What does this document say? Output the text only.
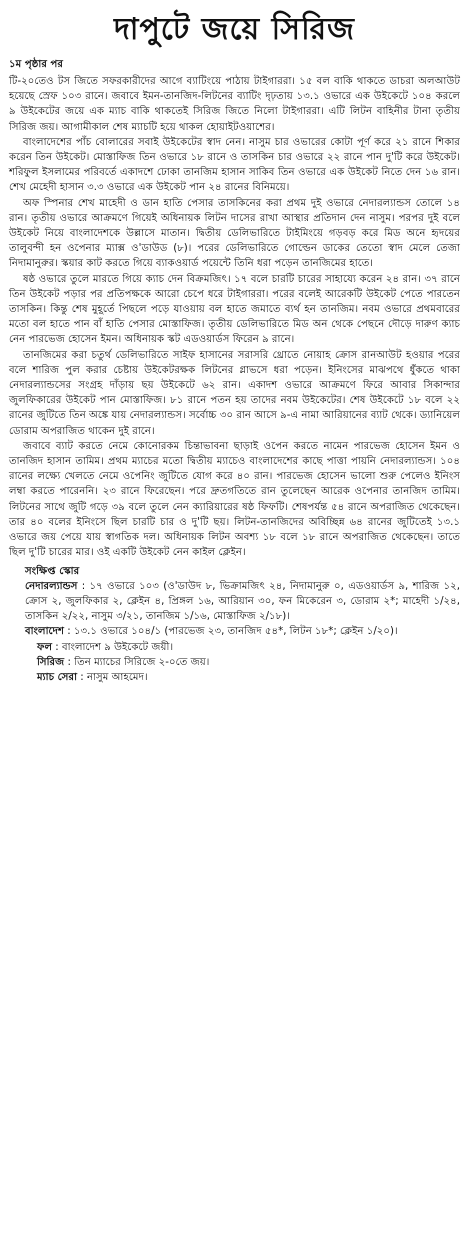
দাপুটে জয়ে সিরিজ
১ম পৃষ্ঠার পর

টি-২০তেও টস জিতে সফরকারীদের আগে ব্যাটিংয়ে পাঠায় টাইগাররা। ১৫ বল বাকি থাকতে ডাচরা অলআউট হয়েছে স্রেফ ১০৩ রানে। জবাবে ইমন-তানজিদ-লিটনের ব্যাটিং দৃঢ়তায় ১৩.১ ওভারে এক উইকেটে ১০৪ করলে ৯ উইকেটের জয়ে এক ম্যাচ বাকি থাকতেই সিরিজ জিতে নিলো টাইগাররা। এটি লিটন বাহিনীর টানা তৃতীয় সিরিজ জয়। আগামীকাল শেষ ম্যাচটি হয়ে থাকল হোয়াইটওয়াশের।

বাংলাদেশের পাঁচ বোলারের সবাই উইকেটের স্বাদ নেন। নাসুম চার ওভারের কোটা পূর্ণ করে ২১ রানে শিকার করেন তিন উইকেট। মোস্তাফিজ তিন ওভারে ১৮ রানে ও তাসকিন চার ওভারে ২২ রানে পান দু'টি করে উইকেট। শরিফুল ইসলামের পরিবর্তে একাদশে ঢোকা তানজিম হাসান সাকিব তিন ওভারে এক উইকেট নিতে দেন ১৬ রান। শেখ মেহেদী হাসান ৩.৩ ওভারে এক উইকেট পান ২৪ রানের বিনিময়ে।

অফ স্পিনার শেখ মাহেদী ও ডান হাতি পেসার তাসকিনের করা প্রথম দুই ওভারে নেদারল্যান্ডস তোলে ১৪ রান। তৃতীয় ওভারে আক্রমণে গিয়েই অধিনায়ক লিটন দাসের রাখা আস্থার প্রতিদান দেন নাসুম। পরপর দুই বলে উইকেট নিয়ে বাংলাদেশকে উল্লাসে মাতান। দ্বিতীয় ডেলিভারিতে টাইমিংয়ে গড়বড় করে মিড অনে হৃদয়ের তালুবন্দী হন ওপেনার ম্যাক্স ও'ডাউড (৮)। পরের ডেলিভারিতে গোল্ডেন ডাকের তেতো স্বাদ মেলে তেজা নিদামানুরুর। স্কয়ার কাট করতে গিয়ে ব্যাকওয়ার্ড পয়েন্টে তিনি ধরা পড়েন তানজিমের হাতে।

ষষ্ঠ ওভারে তুলে মারতে গিয়ে ক্যাচ দেন বিক্রমজিৎ। ১৭ বলে চারটি চারের সাহায্যে করেন ২৪ রান। ৩৭ রানে তিন উইকেট পড়ার পর প্রতিপক্ষকে আরো চেপে ধরে টাইগাররা। পরের বলেই আরেকটি উইকেট পেতে পারতেন তাসকিন। কিন্তু শেষ মুহূর্তে পিছলে পড়ে যাওয়ায় বল হাতে জমাতে ব্যর্থ হন তানজিম। নবম ওভারে প্রথমবারের মতো বল হাতে পান বাঁ হাতি পেসার মোস্তাফিজ। তৃতীয় ডেলিভারিতে মিড অন থেকে পেছনে দৌড়ে দারুণ ক্যাচ নেন পারভেজ হোসেন ইমন। অধিনায়ক স্কট এডওয়ার্ডস ফিরেন ৯ রানে।

তানজিমের করা চতুর্থ ডেলিভারিতে সাইফ হাসানের সরাসরি থ্রোতে নোয়াহ ক্রোস রানআউট হওয়ার পরের বলে শারিজ পুল করার চেষ্টায় উইকেটরক্ষক লিটনের গ্লাভসে ধরা পড়েন। ইনিংসের মাঝপথে ধুঁকতে থাকা নেদারল্যান্ডসের সংগ্রহ দাঁড়ায় ছয় উইকেটে ৬২ রান। একাদশ ওভারে আক্রমণে ফিরে আবার সিকান্দার জুলফিকারের উইকেট পান মোস্তাফিজ। ৮১ রানে পতন হয় তাদের নবম উইকেটের। শেষ উইকেটে ১৮ বলে ২২ রানের জুটিতে তিন অঙ্কে যায় নেদারল্যান্ডস। সর্বোচ্চ ৩০ রান আসে ৯-এ নামা আরিয়ানের ব্যাট থেকে। ড্যানিয়েল ডোরাম অপরাজিত থাকেন দুই রানে।

জবাবে ব্যাট করতে নেমে কোনোরকম চিন্তাভাবনা ছাড়াই ওপেন করতে নামেন পারভেজ হোসেন ইমন ও তানজিদ হাসান তামিম। প্রথম ম্যাচের মতো দ্বিতীয় ম্যাচেও বাংলাদেশের কাছে পাত্তা পায়নি নেদারল্যান্ডস। ১০৪ রানের লক্ষ্যে খেলতে নেমে ওপেনিং জুটিতে যোগ করে ৪০ রান। পারভেজ হোসেন ভালো শুরু পেলেও ইনিংস লম্বা করতে পারেননি। ২৩ রানে ফিরেছেন। পরে দ্রুতগতিতে রান তুলেছেন আরেক ওপেনার তানজিদ তামিম। লিটনের সাথে জুটি গড়ে ৩৯ বলে তুলে নেন ক্যারিয়ারের ষষ্ঠ ফিফটি। শেষপর্যন্ত ৫৪ রানে অপরাজিত থেকেছেন। তার ৪০ বলের ইনিংসে ছিল চারটি চার ও দু'টি ছয়। লিটন-তানজিদের অবিচ্ছিন্ন ৬৪ রানের জুটিতেই ১৩.১ ওভারে জয় পেয়ে যায় স্বাগতিক দল। অধিনায়ক লিটন অবশ্য ১৮ বলে ১৮ রানে অপরাজিত থেকেছেন। তাতে ছিল দু'টি চারের মার। ওই একটি উইকেট নেন কাইল ক্লেইন।

সংক্ষিপ্ত স্কোর
নেদারল্যান্ডস : ১৭ ওভারে ১০৩ (ও'ডাউদ ৮, ভিক্রামজিৎ ২৪, নিদামানুরু ০, এডওয়ার্ডস ৯, শারিজ ১২, ক্রোস ২, জুলফিকার ২, ক্লেইন ৪, প্রিঙ্গল ১৬, আরিয়ান ৩০, ফন মিকেরেন ৩, ডোরাম ২*; মাহেদী ১/২৪, তাসকিন ২/২২, নাসুম ৩/২১, তানজিম ১/১৬, মোস্তাফিজ ২/১৮)।
বাংলাদেশ : ১৩.১ ওভারে ১০৪/১ (পারভেজ ২৩, তানজিদ ৫৪*, লিটন ১৮*; ক্লেইন ১/২০)।
ফল : বাংলাদেশ ৯ উইকেটে জয়ী।
সিরিজ : তিন ম্যাচের সিরিজে ২-০তে জয়।
ম্যাচ সেরা : নাসুম আহমেদ।
